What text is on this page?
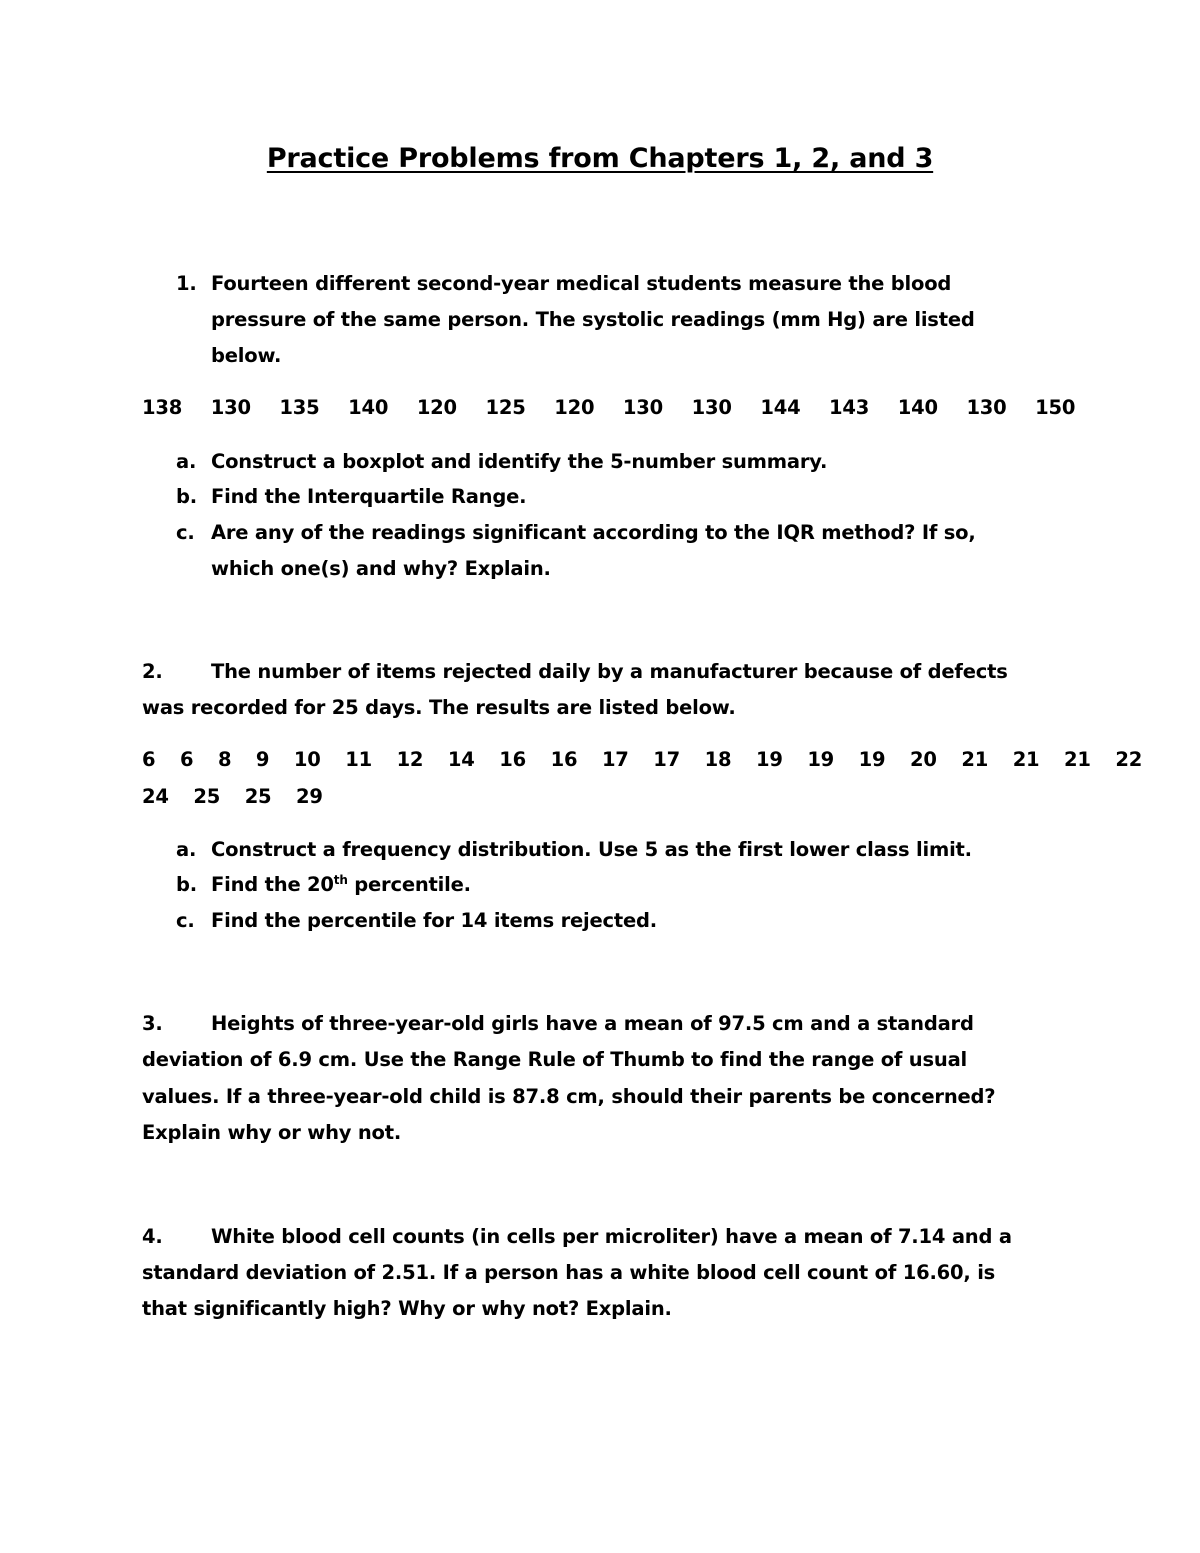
Practice Problems from Chapters 1, 2, and 3
1. Fourteen different second-year medical students measure the blood
pressure of the same person. The systolic readings (mm Hg) are listed
below.
138 130 135 140 120 125 120 130 130 144 143 140 130 150
a. Construct a boxplot and identify the 5-number summary.
b. Find the Interquartile Range.
c. Are any of the readings significant according to the IQR method? If so,
which one(s) and why? Explain.
2. The number of items rejected daily by a manufacturer because of defects
was recorded for 25 days. The results are listed below.
6 6 8 9 10 11 12 14 16 16 17 17 18 19 19 19 20 21 21 21 22
24 25 25 29
a. Construct a frequency distribution. Use 5 as the first lower class limit.
b. Find the 20th percentile.
c. Find the percentile for 14 items rejected.
3. Heights of three-year-old girls have a mean of 97.5 cm and a standard
deviation of 6.9 cm. Use the Range Rule of Thumb to find the range of usual
values. If a three-year-old child is 87.8 cm, should their parents be concerned?
Explain why or why not.
4. White blood cell counts (in cells per microliter) have a mean of 7.14 and a
standard deviation of 2.51. If a person has a white blood cell count of 16.60, is
that significantly high? Why or why not? Explain.
